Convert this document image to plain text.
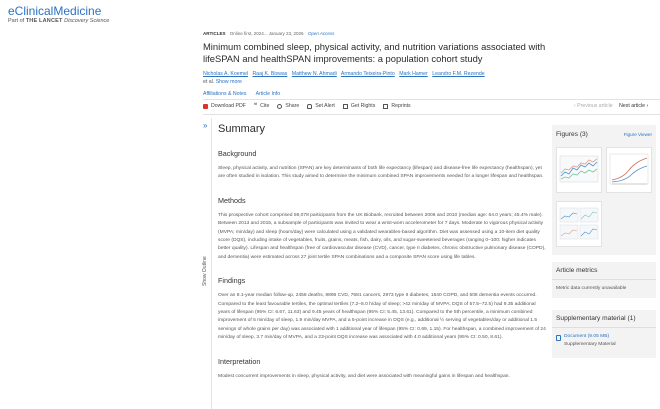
eClinicalMedicine
Part of THE LANCET Discovery Science
ARTICLES Online first, 2024... January 23, 2026 Open Access
Minimum combined sleep, physical activity, and nutrition variations associated with lifeSPAN and healthSPAN improvements: a population cohort study
Nicholas A. Koemel Raaj K. Biswas Matthew N. Ahmadi Armando Teixeira-Pinto Mark Hamer Leandro F.M. Rezende
et al. Show more
Affiliations & Notes Article Info
Download PDF ❝ Cite	Share	Set Alert	Get Rights	Reprints	‹ Previous article Next article ›
»
Show Outline
Summary
Background

Sleep, physical activity, and nutrition (SPAN) are key determinants of both life expectancy (lifespan) and disease-free life expectancy (healthspan), yet are often studied in isolation. This study aimed to determine the minimum combined SPAN improvements needed for a longer lifespan and healthspan.

Methods

This prospective cohort comprised 59,078 participants from the UK Biobank, recruited between 2006 and 2010 (median age: 64.0 years; 45.4% male). Between 2013 and 2015, a subsample of participants was invited to wear a wrist-worn accelerometer for 7 days. Moderate to vigorous physical activity (MVPA; min/day) and sleep (hours/day) were calculated using a validated wearables-based algorithm. Diet was assessed using a 10-item diet quality score (DQS), including intake of vegetables, fruits, grains, meats, fish, dairy, oils, and sugar-sweetened beverages (ranging 0–100; higher indicates better quality). Lifespan and healthspan (free of cardiovascular disease (CVD), cancer, type II diabetes, chronic obstructive pulmonary disease (COPD), and dementia) were estimated across 27 joint tertile SPAN combinations and a composite SPAN score using life tables.

Findings

Over an 8.1-year median follow-up, 2458 deaths, 9896 CVD, 7681 cancers, 2973 type II diabetes, 1540 COPD, and 508 dementia events occurred. Compared to the least favourable tertiles, the optimal tertiles (7.2–8.0 h/day of sleep; >42 min/day of MVPA; DQS of 57.5–72.5) had 9.35 additional years of lifespan (95% CI: 6.67, 11.63) and 9.45 years of healthspan (95% CI: 5.45, 13.61). Compared to the 5th percentile, a minimum combined improvement of 5 min/day of sleep, 1.9 min/day MVPA, and a 5-point increase in DQS (e.g., additional ½ serving of vegetables/day or additional 1.5 servings of whole grains per day) was associated with 1 additional year of lifespan (95% CI: 0.69, 1.15). For healthspan, a combined improvement of 24 min/day of sleep, 3.7 min/day of MVPA, and a 23-point DQS increase was associated with 4.0 additional years (95% CI: 0.50, 8.61).

Interpretation

Modest concurrent improvements in sleep, physical activity, and diet were associated with meaningful gains in lifespan and healthspan.

Figures (3)	Figure Viewer
Article metrics
Metric data currently unavailable
Supplementary material (1)
Document (9.05 MB)
Supplementary Material
